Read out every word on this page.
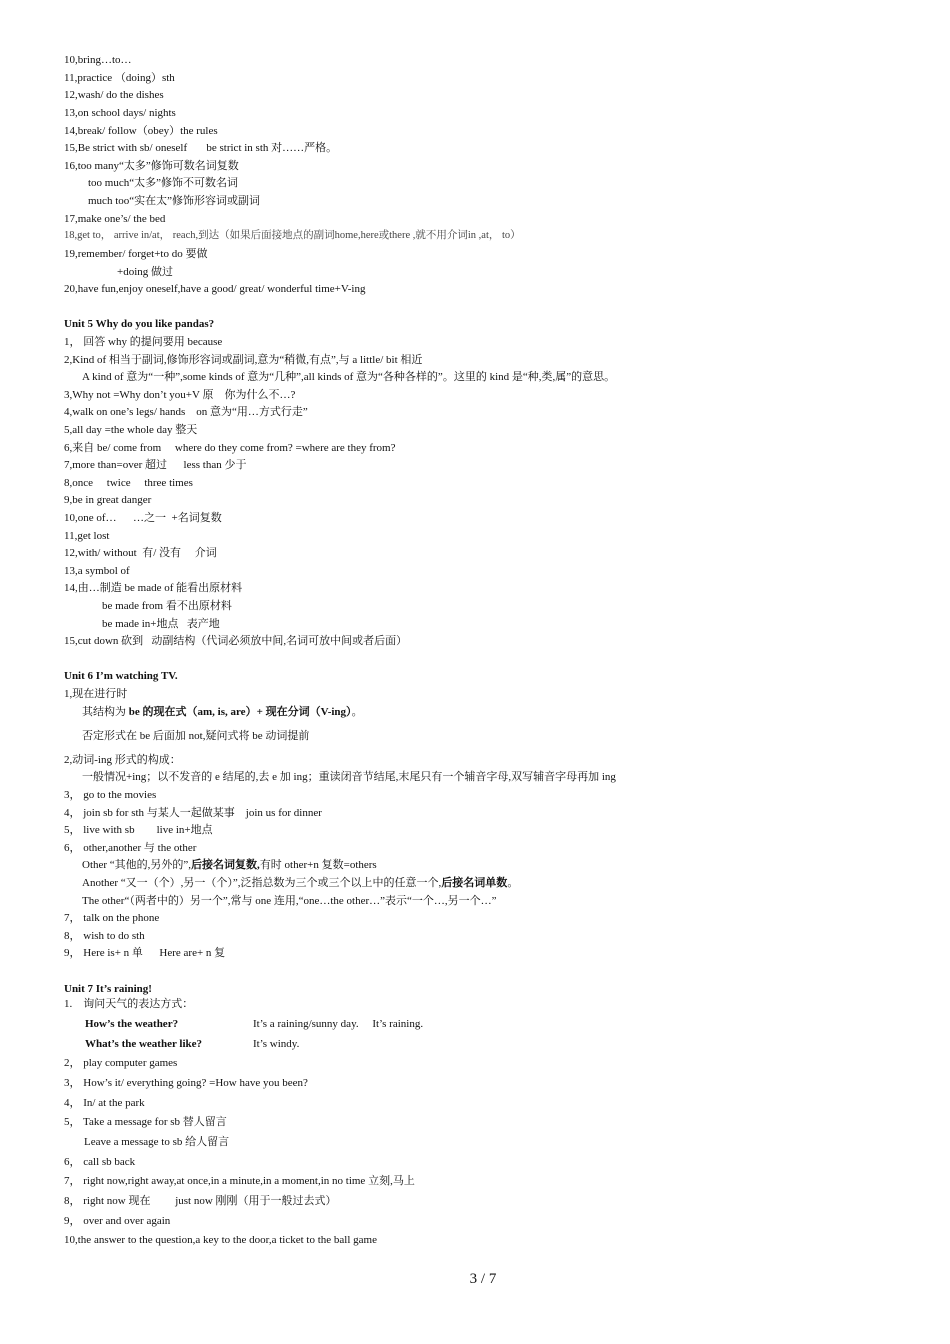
10,bring…to…
11,practice （doing）sth
12,wash/ do the dishes
13,on school days/ nights
14,break/ follow（obey）the rules
15,Be strict with sb/ oneself       be strict in sth 对……严格。
16,too many“太多”修饰可数名词复数
too much“太多”修饰不可数名词
much too“实在太”修饰形容词或副词
17,make one’s/ the bed
18,get to， arrive in/at， reach,到达（如果后面接地点的副词home,here或there ,就不用介词in ,at， to）
19,remember/ forget+to do 要做
+doing 做过
20,have fun,enjoy oneself,have a good/ great/ wonderful time+V-ing
Unit 5 Why do you like pandas?
1， 回答 why 的提问要用 because
2,Kind of 相当于副词,修饰形容词或副词,意为“稍微,有点”,与 a little/ bit 相近
A kind of 意为“一种”,some kinds of 意为“几种”,all kinds of 意为“各种各样的”。这里的 kind 是“种,类,属”的意思。
3,Why not =Why don’t you+V 原    你为什么不…?
4,walk on one’s legs/ hands    on 意为“用…方式行走”
5,all day =the whole day 整天
6,来自 be/ come from     where do they come from? =where are they from?
7,more than=over 超过      less than 少于
8,once     twice     three times
9,be in great danger
10,one of…      …之一  +名词复数
11,get lost
12,with/ without  有/ 没有     介词
13,a symbol of
14,由…制造 be made of 能看出原材料
be made from 看不出原材料
be made in+地点   表产地
15,cut down 砍到   动副结构（代词必须放中间,名词可放中间或者后面）
Unit 6 I’m watching TV.
1,现在进行时
其结构为 be 的现在式（am, is, are）+ 现在分词（V-ing）。
否定形式在 be 后面加 not,疑问式将 be 动词提前
2,动词-ing 形式的构成：
一般情况+ing；以不发音的 e 结尾的,去 e 加 ing；重读闭音节结尾,末尾只有一个辅音字母,双写辅音字母再加 ing
3， go to the movies
4， join sb for sth 与某人一起做某事    join us for dinner
5， live with sb        live in+地点
6， other,another 与 the other
Other “其他的,另外的”,后接名词复数,有时 other+n 复数=others
Another “又一（个）,另一（个）”,泛指总数为三个或三个以上中的任意一个,后接名词单数。
The other“（两者中的）另一个”,常与 one 连用,“one…the other…”表示“一个…,另一个…”
7， talk on the phone
8， wish to do sth
9， Here is+ n 单      Here are+ n 复
Unit 7 It’s raining!
1.    询问天气的表达方式：
How’s the weather?	It’s a raining/sunny day.     It’s raining.
What’s the weather like?	It’s windy.
2， play computer games
3， How’s it/ everything going? =How have you been?
4， In/ at the park
5， Take a message for sb 替人留言
Leave a message to sb 给人留言
6， call sb back
7， right now,right away,at once,in a minute,in a moment,in no time 立刻,马上
8， right now 现在         just now 刚刚（用于一般过去式）
9， over and over again
10,the answer to the question,a key to the door,a ticket to the ball game
3 / 7
